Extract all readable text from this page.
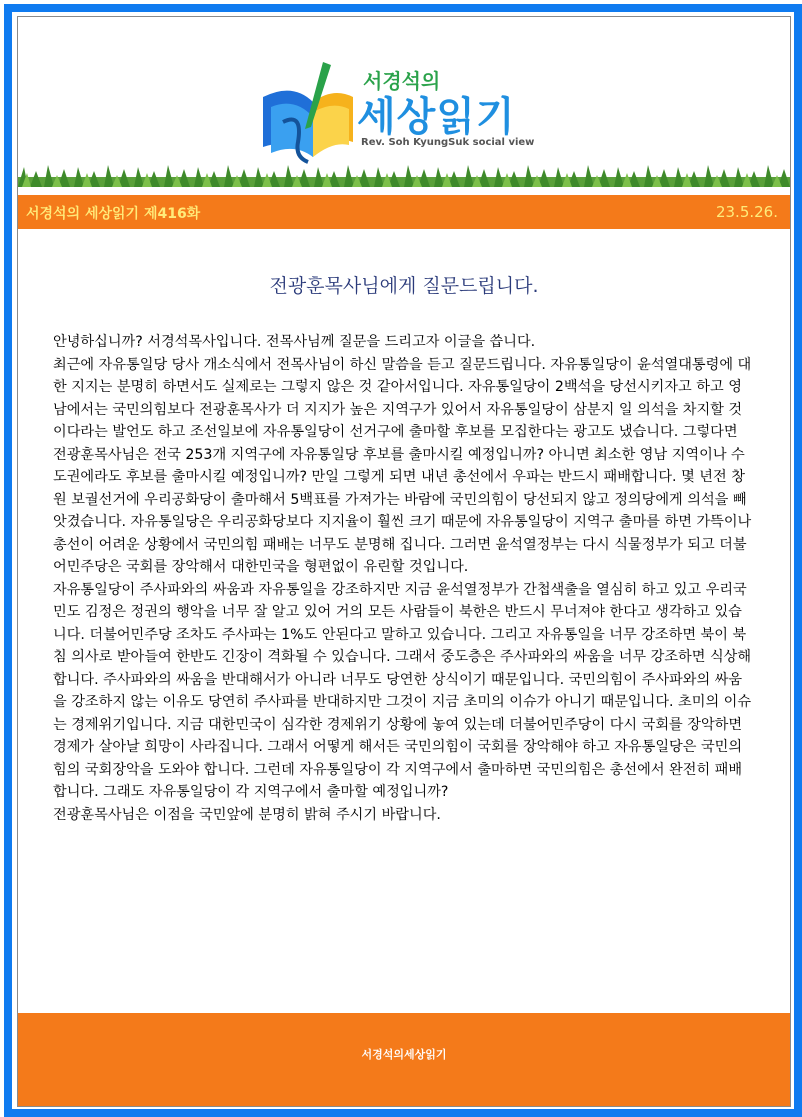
서경석의
세상읽기
Rev. Soh KyungSuk social view
서경석의 세상읽기 제416화	23.5.26.
전광훈목사님에게 질문드립니다.

안녕하십니까? 서경석목사입니다. 전목사님께 질문을 드리고자 이글을 씁니다.

최근에 자유통일당 당사 개소식에서 전목사님이 하신 말씀을 듣고 질문드립니다. 자유통일당이 윤석열대통령에 대한 지지는 분명히 하면서도 실제로는 그렇지 않은 것 같아서입니다. 자유통일당이 2백석을 당선시키자고 하고 영남에서는 국민의힘보다 전광훈목사가 더 지지가 높은 지역구가 있어서 자유통일당이 삼분지 일 의석을 차지할 것이다라는 발언도 하고 조선일보에 자유통일당이 선거구에 출마할 후보를 모집한다는 광고도 냈습니다. 그렇다면 전광훈목사님은 전국 253개 지역구에 자유통일당 후보를 출마시킬 예정입니까? 아니면 최소한 영남 지역이나 수도권에라도 후보를 출마시킬 예정입니까? 만일 그렇게 되면 내년 총선에서 우파는 반드시 패배합니다. 몇 년전 창원 보궐선거에 우리공화당이 출마해서 5백표를 가져가는 바람에 국민의힘이 당선되지 않고 정의당에게 의석을 빼앗겼습니다. 자유통일당은 우리공화당보다 지지율이 훨씬 크기 때문에 자유통일당이 지역구 출마를 하면 가뜩이나 총선이 어려운 상황에서 국민의힘 패배는 너무도 분명해 집니다. 그러면 윤석열정부는 다시 식물정부가 되고 더불어민주당은 국회를 장악해서 대한민국을 형편없이 유린할 것입니다.

자유통일당이 주사파와의 싸움과 자유통일을 강조하지만 지금 윤석열정부가 간첩색출을 열심히 하고 있고 우리국민도 김정은 정권의 행악을 너무 잘 알고 있어 거의 모든 사람들이 북한은 반드시 무너져야 한다고 생각하고 있습니다. 더불어민주당 조차도 주사파는 1%도 안된다고 말하고 있습니다. 그리고 자유통일을 너무 강조하면 북이 북침 의사로 받아들여 한반도 긴장이 격화될 수 있습니다. 그래서 중도층은 주사파와의 싸움을 너무 강조하면 식상해 합니다. 주사파와의 싸움을 반대해서가 아니라 너무도 당연한 상식이기 때문입니다. 국민의힘이 주사파와의 싸움을 강조하지 않는 이유도 당연히 주사파를 반대하지만 그것이 지금 초미의 이슈가 아니기 때문입니다. 초미의 이슈는 경제위기입니다. 지금 대한민국이 심각한 경제위기 상황에 놓여 있는데 더불어민주당이 다시 국회를 장악하면 경제가 살아날 희망이 사라집니다. 그래서 어떻게 해서든 국민의힘이 국회를 장악해야 하고 자유통일당은 국민의힘의 국회장악을 도와야 합니다. 그런데 자유통일당이 각 지역구에서 출마하면 국민의힘은 총선에서 완전히 패배합니다. 그래도 자유통일당이 각 지역구에서 출마할 예정입니까?

전광훈목사님은 이점을 국민앞에 분명히 밝혀 주시기 바랍니다.

서경석의세상읽기
